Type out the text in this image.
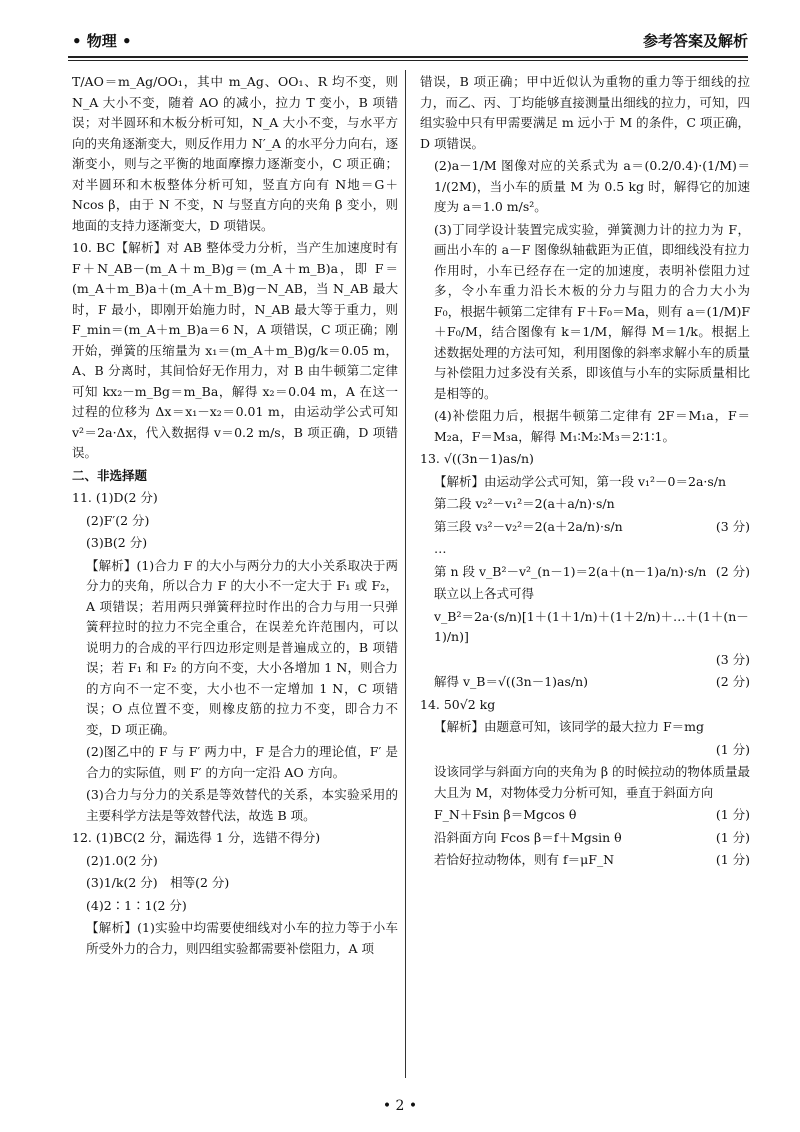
• 物理 •	参考答案及解析

T/AO＝m_Ag/OO₁，其中 m_Ag、OO₁、R 均不变，则 N_A 大小不变，随着 AO 的减小，拉力 T 变小，B 项错误；对半圆环和木板分析可知，N_A 大小不变，与水平方向的夹角逐渐变大，则反作用力 N′_A 的水平分力向右，逐渐变小，则与之平衡的地面摩擦力逐渐变小，C 项正确；对半圆环和木板整体分析可知，竖直方向有 N地＝G＋Ncos β，由于 N 不变，N 与竖直方向的夹角 β 变小，则地面的支持力逐渐变大，D 项错误。

10. BC【解析】对 AB 整体受力分析，当产生加速度时有 F＋N_AB－(m_A＋m_B)g＝(m_A＋m_B)a，即 F＝(m_A＋m_B)a＋(m_A＋m_B)g－N_AB，当 N_AB 最大时，F 最小，即刚开始施力时，N_AB 最大等于重力，则 F_min＝(m_A＋m_B)a＝6 N，A 项错误，C 项正确；刚开始，弹簧的压缩量为 x₁＝(m_A＋m_B)g/k＝0.05 m，A、B 分离时，其间恰好无作用力，对 B 由牛顿第二定律可知 kx₂－m_Bg＝m_Ba，解得 x₂＝0.04 m，A 在这一过程的位移为 Δx＝x₁－x₂＝0.01 m，由运动学公式可知 v²＝2a·Δx，代入数据得 v＝0.2 m/s，B 项正确，D 项错误。

二、非选择题

11. (1)D(2 分)

(2)F′(2 分)

(3)B(2 分)

【解析】(1)合力 F 的大小与两分力的大小关系取决于两分力的夹角，所以合力 F 的大小不一定大于 F₁ 或 F₂，A 项错误；若用两只弹簧秤拉时作出的合力与用一只弹簧秤拉时的拉力不完全重合，在误差允许范围内，可以说明力的合成的平行四边形定则是普遍成立的，B 项错误；若 F₁ 和 F₂ 的方向不变，大小各增加 1 N，则合力的方向不一定不变，大小也不一定增加 1 N，C 项错误；O 点位置不变，则橡皮筋的拉力不变，即合力不变，D 项正确。

(2)图乙中的 F 与 F′ 两力中，F 是合力的理论值，F′ 是合力的实际值，则 F′ 的方向一定沿 AO 方向。

(3)合力与分力的关系是等效替代的关系，本实验采用的主要科学方法是等效替代法，故选 B 项。

12. (1)BC(2 分，漏选得 1 分，选错不得分)

(2)1.0(2 分)

(3)1/k(2 分)　相等(2 分)

(4)2∶1∶1(2 分)

【解析】(1)实验中均需要使细线对小车的拉力等于小车所受外力的合力，则四组实验都需要补偿阻力，A 项

错误，B 项正确；甲中近似认为重物的重力等于细线的拉力，而乙、丙、丁均能够直接测量出细线的拉力，可知，四组实验中只有甲需要满足 m 远小于 M 的条件，C 项正确，D 项错误。

(2)a－1/M 图像对应的关系式为 a＝(0.2/0.4)·(1/M)＝1/(2M)，当小车的质量 M 为 0.5 kg 时，解得它的加速度为 a＝1.0 m/s²。

(3)丁同学设计装置完成实验，弹簧测力计的拉力为 F，画出小车的 a－F 图像纵轴截距为正值，即细线没有拉力作用时，小车已经存在一定的加速度，表明补偿阻力过多，令小车重力沿长木板的分力与阻力的合力大小为 F₀，根据牛顿第二定律有 F＋F₀＝Ma，则有 a＝(1/M)F＋F₀/M，结合图像有 k＝1/M，解得 M＝1/k。根据上述数据处理的方法可知，利用图像的斜率求解小车的质量与补偿阻力过多没有关系，即该值与小车的实际质量相比是相等的。

(4)补偿阻力后，根据牛顿第二定律有 2F＝M₁a，F＝M₂a，F＝M₃a，解得 M₁∶M₂∶M₃＝2∶1∶1。

13. √((3n－1)as/n)

【解析】由运动学公式可知，第一段 v₁²－0＝2a·s/n

第二段 v₂²－v₁²＝2(a＋a/n)·s/n

第三段 v₃²－v₂²＝2(a＋2a/n)·s/n	(3 分)

…

第 n 段 v_B²－v²_(n－1)＝2(a＋(n－1)a/n)·s/n (2 分)

联立以上各式可得

v_B²＝2a·(s/n)[1＋(1＋1/n)＋(1＋2/n)＋…＋(1＋(n－1)/n)]

(3 分)
解得 v_B＝√((3n－1)as/n)	(2 分)

14. 50√2 kg

【解析】由题意可知，该同学的最大拉力 F＝mg

(1 分)

设该同学与斜面方向的夹角为 β 的时候拉动的物体质量最大且为 M，对物体受力分析可知，垂直于斜面方向

F_N＋Fsin β＝Mgcos θ	(1 分)
沿斜面方向 Fcos β＝f＋Mgsin θ	(1 分)
若恰好拉动物体，则有 f＝μF_N	(1 分)
• 2 •
